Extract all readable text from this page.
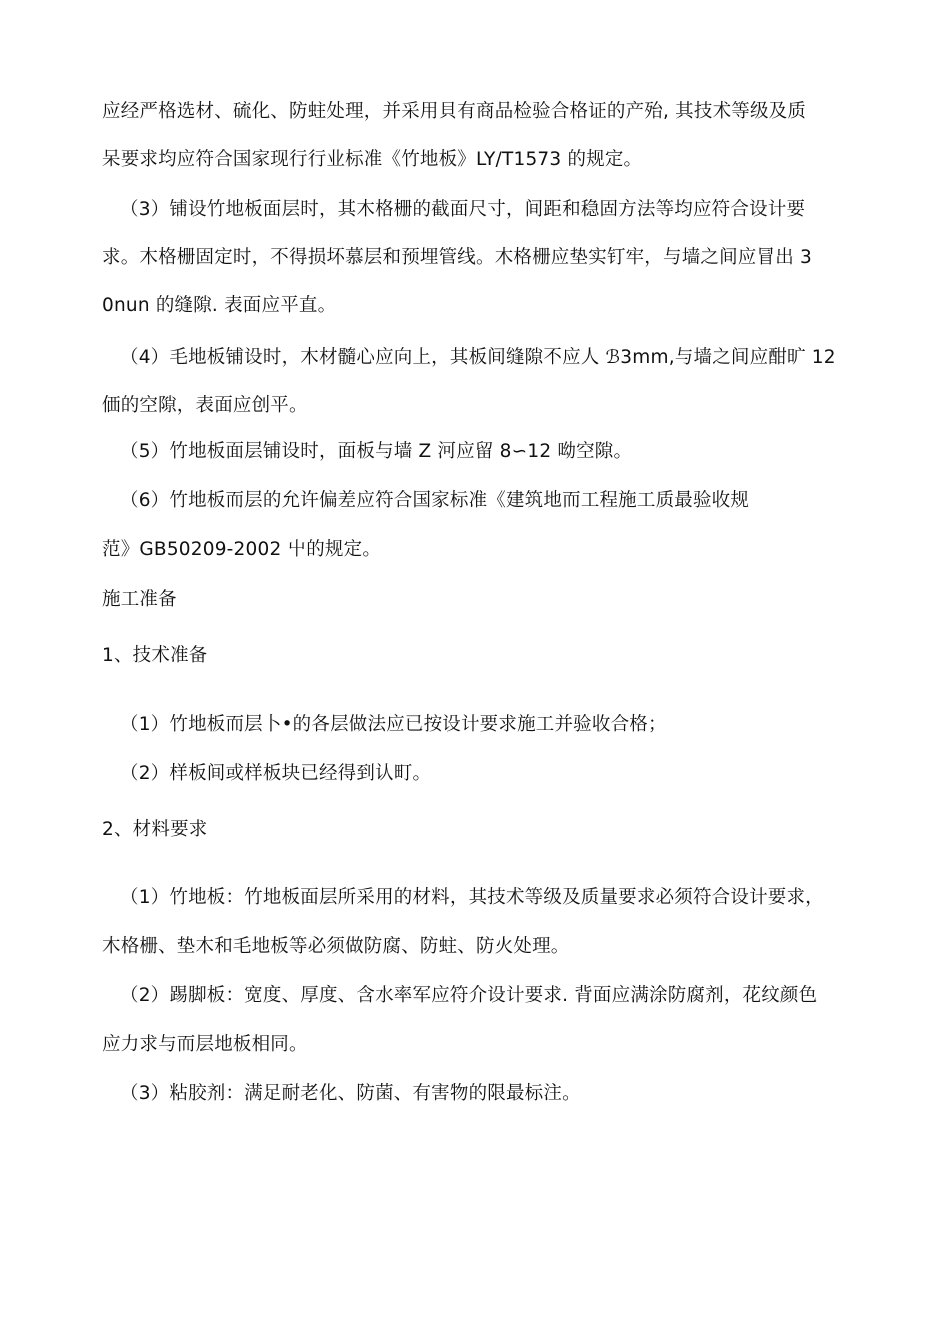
应经严格选材、硫化、防蛀处理，并采用貝有商品检验合格证的产殆, 其技术等级及质
呆要求均应符合国家现行行业标准《竹地板》LY/T1573 的规定。
（3）铺设竹地板面层时，其木格栅的截面尺寸，间距和稳固方法等均应符合设计要
求。木格栅固定时，不得损坏慕层和预埋管线。木格栅应垫实钉牢，与墙之间应冒出 3
0nun 的缝隙. 表面应平直。
（4）毛地板铺设时，木材髓心应向上，其板间缝隙不应人 ℬ3mm,与墙之间应酣旷 12
価的空隙，表面应创平。
（5）竹地板面层铺设时，面板与墙 Z 河应留 8∽12 呦空隙。
（6）竹地板而层的允许偏差应符合国家标准《建筑地而工程施工质最验收规
范》GB50209-2002 屮的规定。
施工准备
1、技术准备
（1）竹地板而层卜•的各层做法应已按设计要求施工并验收合格；
（2）样板间或样板块已经得到认町。
2、材料要求
（1）竹地板：竹地板面层所采用的材料，其技术等级及质量要求必须符合设计要求，
木格栅、垫木和毛地板等必须做防腐、防蛀、防火处理。
（2）踢脚板：宽度、厚度、含水率军应符介设计要求. 背面应满涂防腐剂，花纹颜色
应力求与而层地板相同。
（3）粘胶剂：满足耐老化、防菌、有害物的限最标注。
